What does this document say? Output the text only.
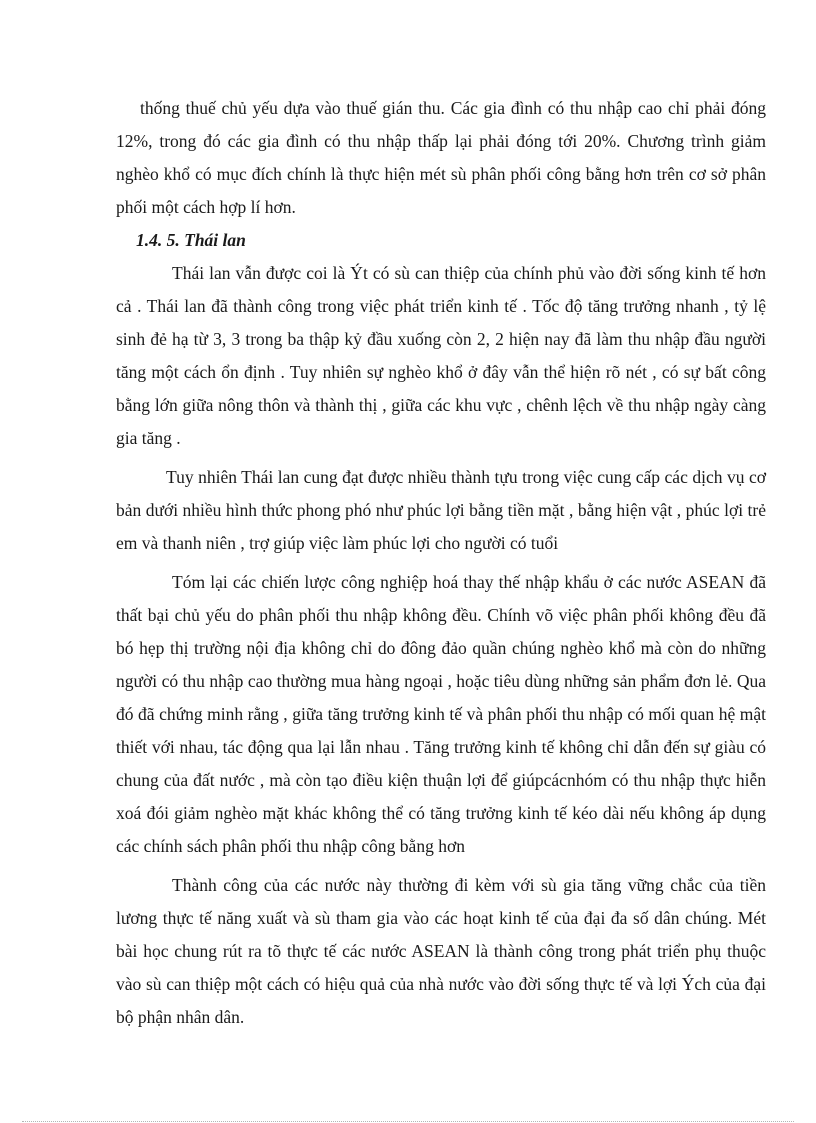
thống thuế chủ yếu dựa vào thuế gián thu. Các gia đình có thu nhập cao chỉ phải đóng 12%, trong đó các gia đình có thu nhập thấp lại phải đóng tới 20%. Chương trình giảm nghèo khổ có mục đích chính là thực hiện mét sù phân phối công bằng hơn trên cơ sở phân phối một cách hợp lí hơn.

1.4. 5. Thái lan

Thái lan vẫn được coi là Ýt có sù can thiệp của chính phủ vào đời sống kinh tế hơn cả . Thái lan đã thành công trong việc phát triển kinh tế . Tốc độ tăng trưởng nhanh , tỷ lệ sinh đẻ hạ từ 3, 3 trong ba thập kỷ đầu xuống còn 2, 2 hiện nay đã làm thu nhập đầu người tăng một cách ổn định . Tuy nhiên sự nghèo khổ ở đây vẫn thể hiện rõ nét , có sự bất công bằng lớn giữa nông thôn và thành thị , giữa các khu vực , chênh lệch về thu nhập ngày càng gia tăng .

Tuy nhiên Thái lan cung đạt được nhiều thành tựu trong việc cung cấp các dịch vụ cơ bản dưới nhiều hình thức phong phó như phúc lợi bằng tiền mặt , bằng hiện vật , phúc lợi trẻ em và thanh niên , trợ giúp việc làm phúc lợi cho người có tuổi

Tóm lại các chiến lược công nghiệp hoá thay thế nhập khẩu ở các nước ASEAN đã thất bại chủ yếu do phân phối thu nhập không đều. Chính võ việc phân phối không đều đã bó hẹp thị trường nội địa không chỉ do đông đảo quần chúng nghèo khổ mà còn do những người có thu nhập cao thường mua hàng ngoại , hoặc tiêu dùng những sản phẩm đơn lẻ. Qua đó đã chứng minh rằng , giữa tăng trưởng kinh tế và phân phối thu nhập có mối quan hệ mật thiết với nhau, tác động qua lại lẫn nhau . Tăng trưởng kinh tế không chỉ dẫn đến sự giàu có chung của đất nước , mà còn tạo điều kiện thuận lợi để giúpcácnhóm có thu nhập thực hiễn xoá đói giảm nghèo mặt khác không thể có tăng trưởng kinh tế kéo dài nếu không áp dụng các chính sách phân phối thu nhập công bằng hơn

Thành công của các nước này thường đi kèm với sù gia tăng vững chắc của tiền lương thực tế năng xuất và sù tham gia vào các hoạt kinh tế của đại đa số dân chúng. Mét bài học chung rút ra tõ thực tế các nước ASEAN là thành công trong phát triển phụ thuộc vào sù can thiệp một cách có hiệu quả của nhà nước vào đời sống thực tế và lợi Ých của đại bộ phận nhân dân.
